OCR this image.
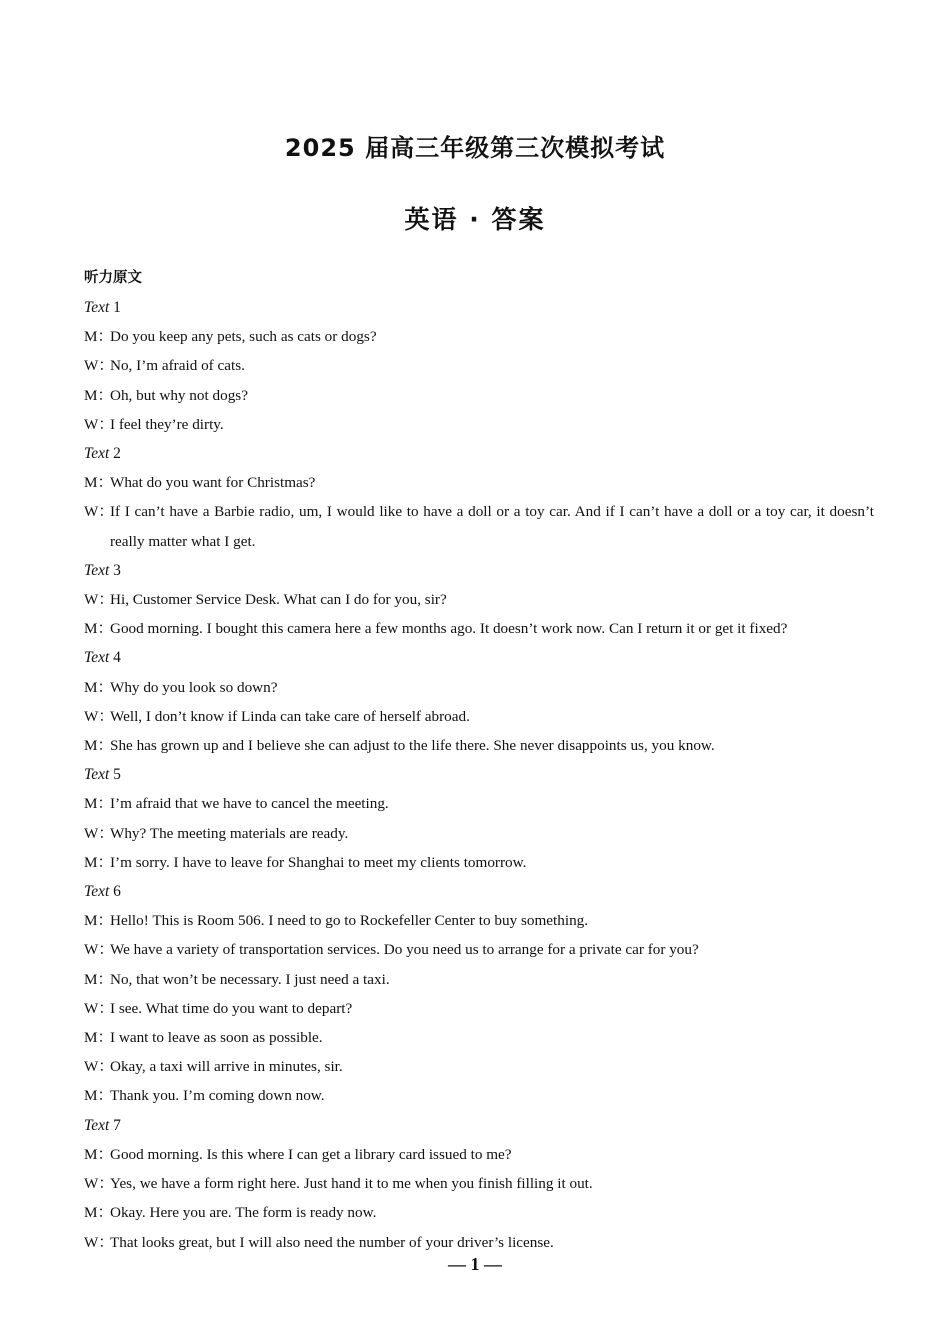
2025 届高三年级第三次模拟考试
英语 · 答案
听力原文
Text 1
M：Do you keep any pets, such as cats or dogs?
W：No, I’m afraid of cats.
M：Oh, but why not dogs?
W：I feel they’re dirty.
Text 2
M：What do you want for Christmas?
W：If I can’t have a Barbie radio, um, I would like to have a doll or a toy car. And if I can’t have a doll or a toy car, it doesn’t really matter what I get.
Text 3
W：Hi, Customer Service Desk. What can I do for you, sir?
M：Good morning. I bought this camera here a few months ago. It doesn’t work now. Can I return it or get it fixed?
Text 4
M：Why do you look so down?
W：Well, I don’t know if Linda can take care of herself abroad.
M：She has grown up and I believe she can adjust to the life there. She never disappoints us, you know.
Text 5
M：I’m afraid that we have to cancel the meeting.
W：Why? The meeting materials are ready.
M：I’m sorry. I have to leave for Shanghai to meet my clients tomorrow.
Text 6
M：Hello! This is Room 506. I need to go to Rockefeller Center to buy something.
W：We have a variety of transportation services. Do you need us to arrange for a private car for you?
M：No, that won’t be necessary. I just need a taxi.
W：I see. What time do you want to depart?
M：I want to leave as soon as possible.
W：Okay, a taxi will arrive in minutes, sir.
M：Thank you. I’m coming down now.
Text 7
M：Good morning. Is this where I can get a library card issued to me?
W：Yes, we have a form right here. Just hand it to me when you finish filling it out.
M：Okay. Here you are. The form is ready now.
W：That looks great, but I will also need the number of your driver’s license.
— 1 —
